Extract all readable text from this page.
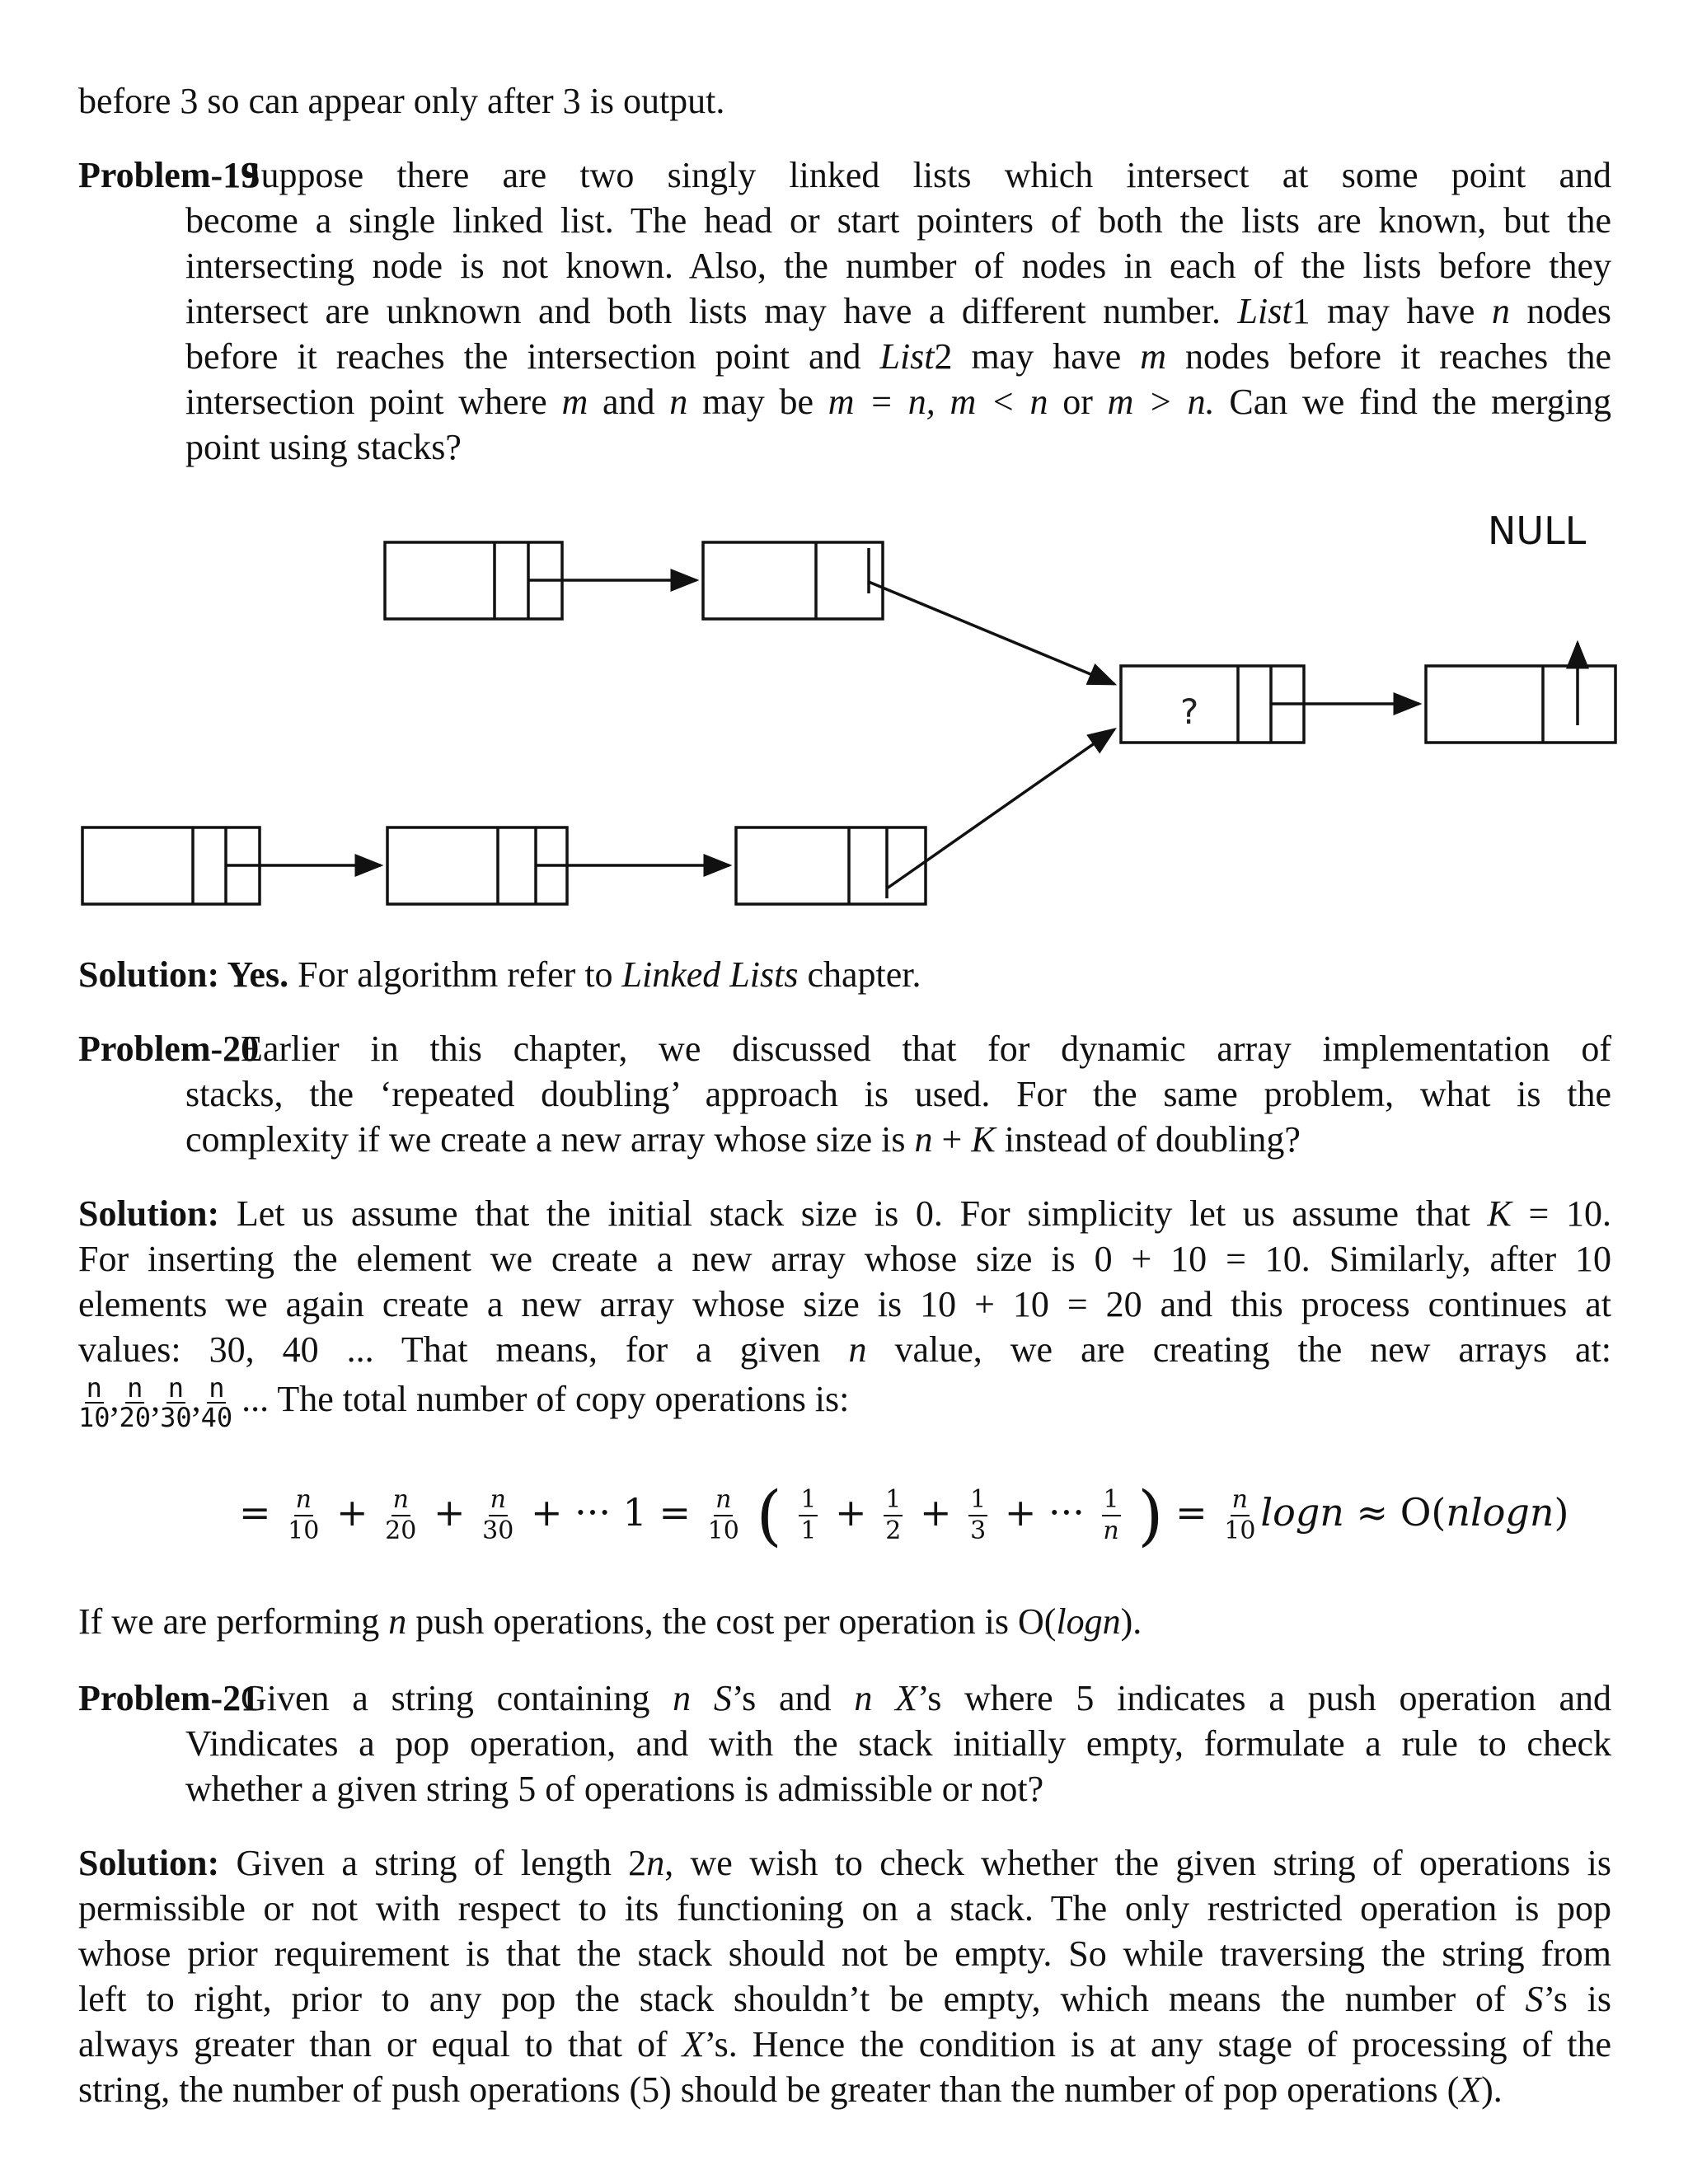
before 3 so can appear only after 3 is output.
Problem-19Suppose there are two singly linked lists which intersect at some point and
become a single linked list. The head or start pointers of both the lists are known, but the
intersecting node is not known. Also, the number of nodes in each of the lists before they
intersect are unknown and both lists may have a different number. List1 may have n nodes
before it reaches the intersection point and List2 may have m nodes before it reaches the
intersection point where m and n may be m = n, m < n or m > n. Can we find the merging
point using stacks?
NULL
?
Solution: Yes. For algorithm refer to Linked Lists chapter.
Problem-20Earlier in this chapter, we discussed that for dynamic array implementation of
stacks, the ‘repeated doubling’ approach is used. For the same problem, what is the
complexity if we create a new array whose size is n + K instead of doubling?
Solution: Let us assume that the initial stack size is 0. For simplicity let us assume that K = 10.
For inserting the element we create a new array whose size is 0 + 10 = 10. Similarly, after 10
elements we again create a new array whose size is 10 + 10 = 20 and this process continues at
values: 30, 40 ... That means, for a given n value, we are creating the new arrays at:
$\frac{n}{10}$ , $\frac{n}{20}$ , $\frac{n}{30}$ , $\frac{n}{40}$ ... The total number of copy operations is:
= $\frac{n}{10} + \frac{n}{20} + \frac{n}{30}$ + ··· $1 = \frac{n}{10}$ ( $\frac{1}{1} + \frac{1}{2} + \frac{1}{3}$ + ··· $\frac{1}{n}$ ) = $\frac{n}{10}$ logn ≈ O(nlogn)
If we are performing n push operations, the cost per operation is O(logn).
Problem-21Given a string containing n S’s and n X’s where 5 indicates a push operation and
Vindicates a pop operation, and with the stack initially empty, formulate a rule to check
whether a given string 5 of operations is admissible or not?
Solution: Given a string of length 2n, we wish to check whether the given string of operations is
permissible or not with respect to its functioning on a stack. The only restricted operation is pop
whose prior requirement is that the stack should not be empty. So while traversing the string from
left to right, prior to any pop the stack shouldn’t be empty, which means the number of S’s is
always greater than or equal to that of X’s. Hence the condition is at any stage of processing of the
string, the number of push operations (5) should be greater than the number of pop operations (X).
